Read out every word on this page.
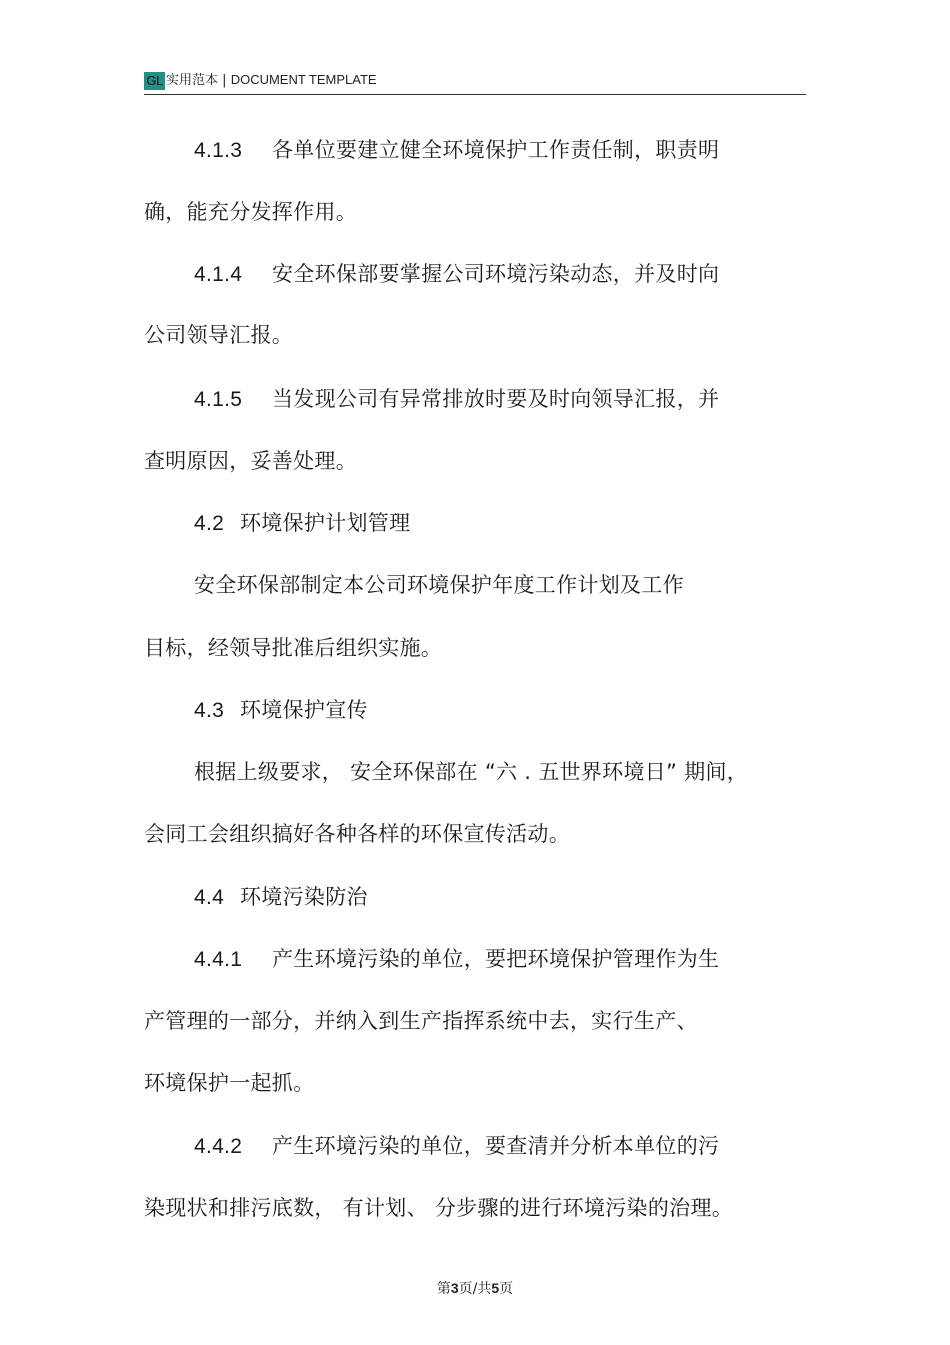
GL 实用范本 | DOCUMENT TEMPLATE
4.1.3 各单位要建立健全环境保护工作责任制，职责明
确，能充分发挥作用。
4.1.4 安全环保部要掌握公司环境污染动态，并及时向
公司领导汇报。
4.1.5 当发现公司有异常排放时要及时向领导汇报，并
查明原因，妥善处理。
4.2 环境保护计划管理
安全环保部制定本公司环境保护年度工作计划及工作
目标，经领导批准后组织实施。
4.3 环境保护宣传
根据上级要求， 安全环保部在 “六 . 五世界环境日” 期间，
会同工会组织搞好各种各样的环保宣传活动。
4.4 环境污染防治
4.4.1 产生环境污染的单位，要把环境保护管理作为生
产管理的一部分，并纳入到生产指挥系统中去，实行生产、
环境保护一起抓。
4.4.2 产生环境污染的单位，要查清并分析本单位的污
染现状和排污底数， 有计划、 分步骤的进行环境污染的治理。
第3页/共5页
